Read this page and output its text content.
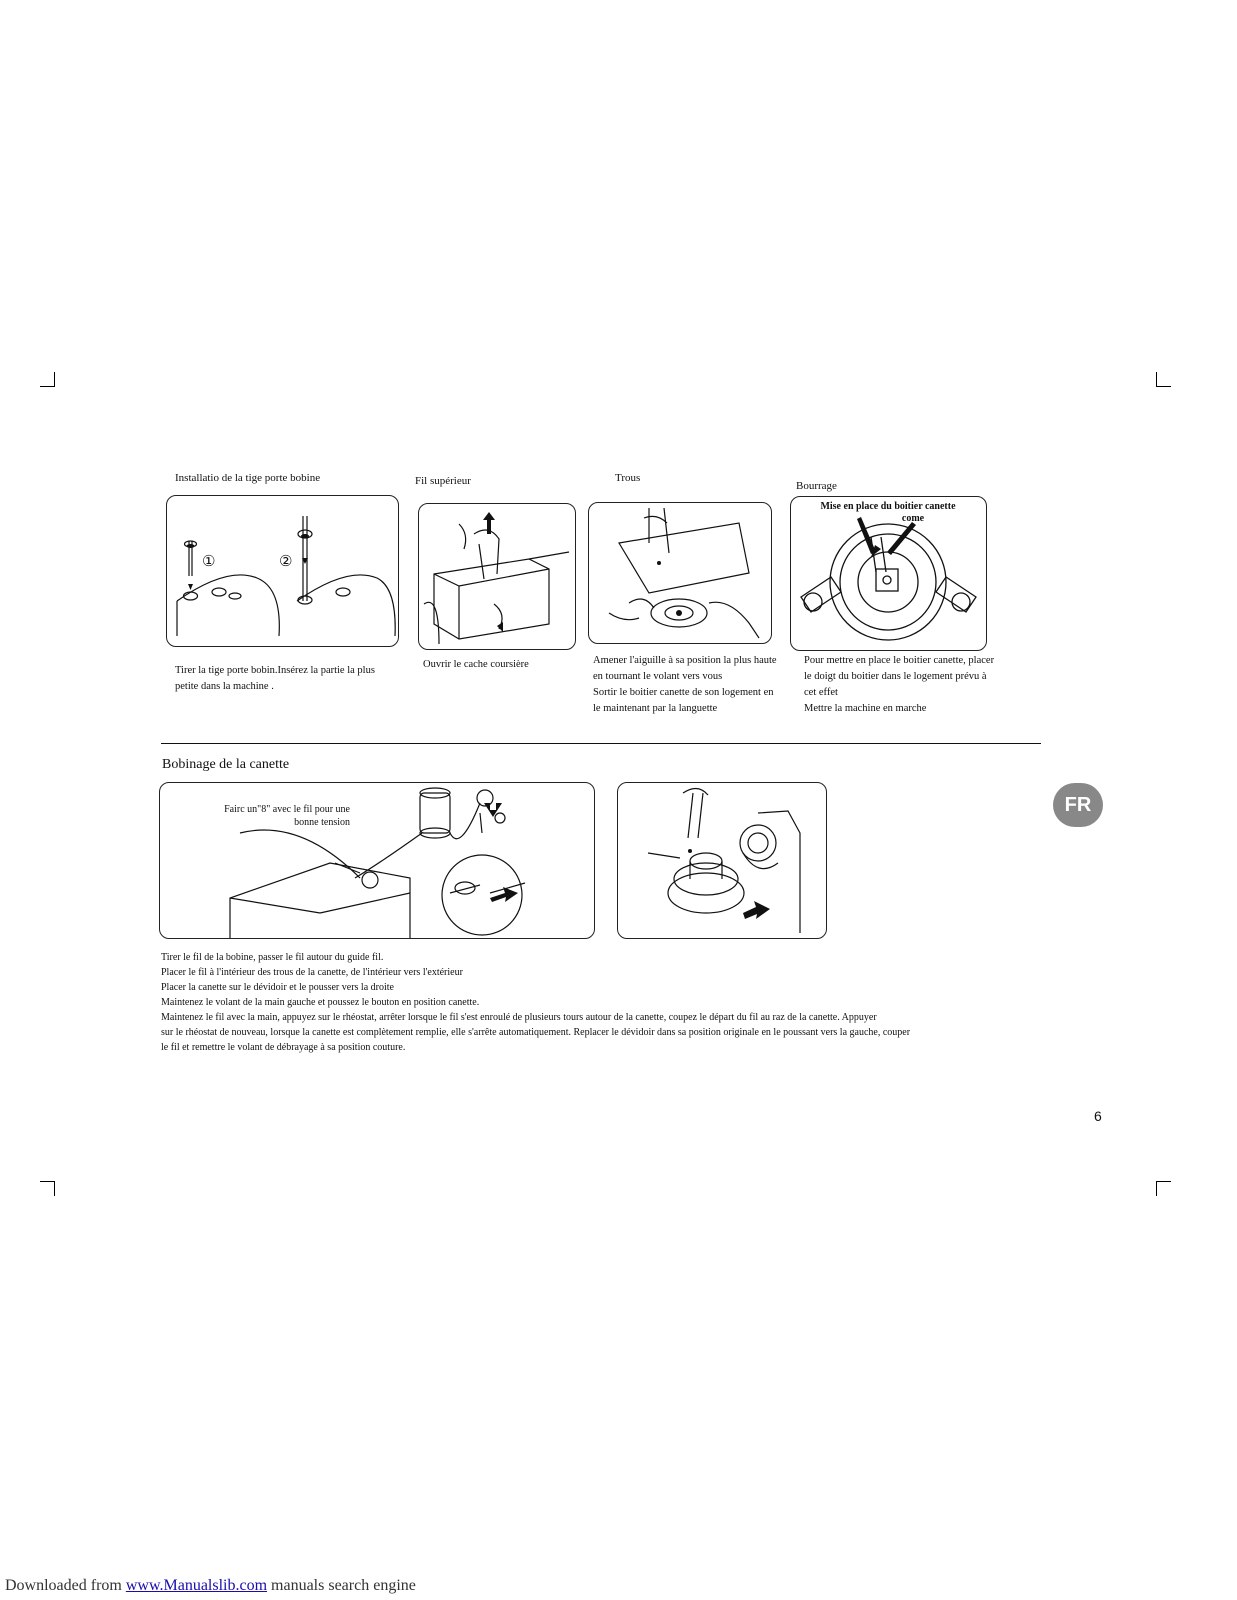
Installatio de la tige porte bobine
①	②
Tirer la tige porte bobin.Insérez la partie la plus
petite dans la machine .
Fil supérieur
Ouvrir le cache coursière
Trous
Amener l'aiguille à sa position la plus haute
en tournant le volant vers vous
Sortir le boitier canette de son logement en
le maintenant par la languette
Bourrage
Mise en place du boitier canette
come
Pour mettre en place le boitier canette, placer
le doigt du boitier dans le logement prévu à
cet effet
Mettre la machine en marche
Bobinage de la canette
Fairc un"8" avec le fil pour une
bonne tension
Tirer le fil de la bobine, passer le fil autour du guide fil.
Placer le fil à l'intérieur des trous de la canette, de l'intérieur vers l'extérieur
Placer la canette sur le dévidoir et le pousser vers la droite
Maintenez le volant de la main gauche et poussez le bouton en position canette.
Maintenez le fil avec la main, appuyez sur le rhéostat, arrêter lorsque le fil s'est enroulé de plusieurs tours autour de la canette, coupez le départ du fil au raz de la canette. Appuyer
sur le rhéostat de nouveau, lorsque la canette est complètement remplie, elle s'arrête automatiquement. Replacer le dévidoir dans sa position originale en le poussant vers la gauche, couper
le fil et remettre le volant de débrayage à sa position couture.
FR
6
Downloaded from www.Manualslib.com manuals search engine
